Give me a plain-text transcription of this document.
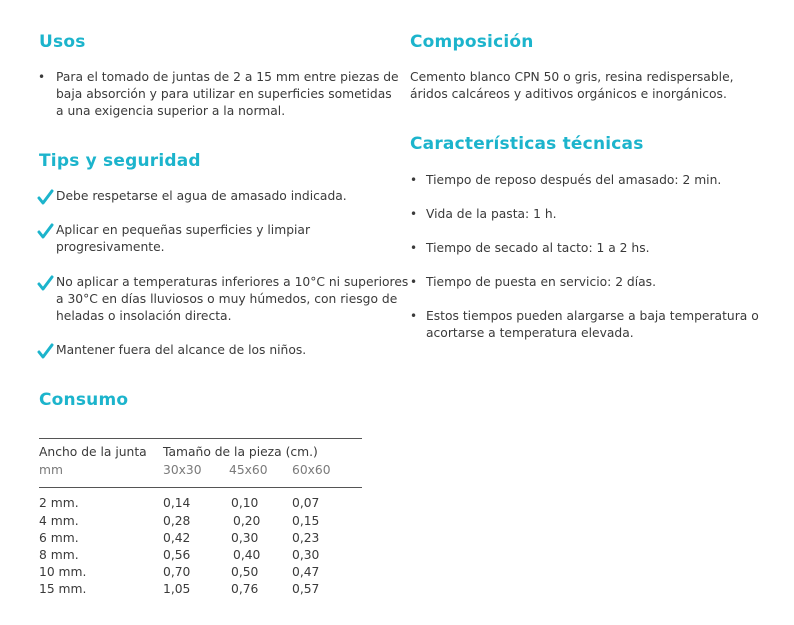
Usos
• Para el tomado de juntas de 2 a 15 mm entre piezas de
baja absorción y para utilizar en superficies sometidas
a una exigencia superior a la normal.
Tips y seguridad
Debe respetarse el agua de amasado indicada.
Aplicar en pequeñas superficies y limpiar
progresivamente.
No aplicar a temperaturas inferiores a 10°C ni superiores
a 30°C en días lluviosos o muy húmedos, con riesgo de
heladas o insolación directa.
Mantener fuera del alcance de los niños.
Consumo
Ancho de la junta Tamaño de la pieza (cm.)
mm	30x30 45x60 60x60
2 mm.	0,14	0,10	0,07
4 mm.	0,28	0,20	0,15
6 mm.	0,42	0,30	0,23
8 mm.	0,56	0,40	0,30
10 mm.	0,70	0,50	0,47
15 mm.	1,05	0,76	0,57
Composición
Cemento blanco CPN 50 o gris, resina redispersable,
áridos calcáreos y aditivos orgánicos e inorgánicos.
Características técnicas
• Tiempo de reposo después del amasado: 2 min.
• Vida de la pasta: 1 h.
• Tiempo de secado al tacto: 1 a 2 hs.
• Tiempo de puesta en servicio: 2 días.
• Estos tiempos pueden alargarse a baja temperatura o
acortarse a temperatura elevada.
